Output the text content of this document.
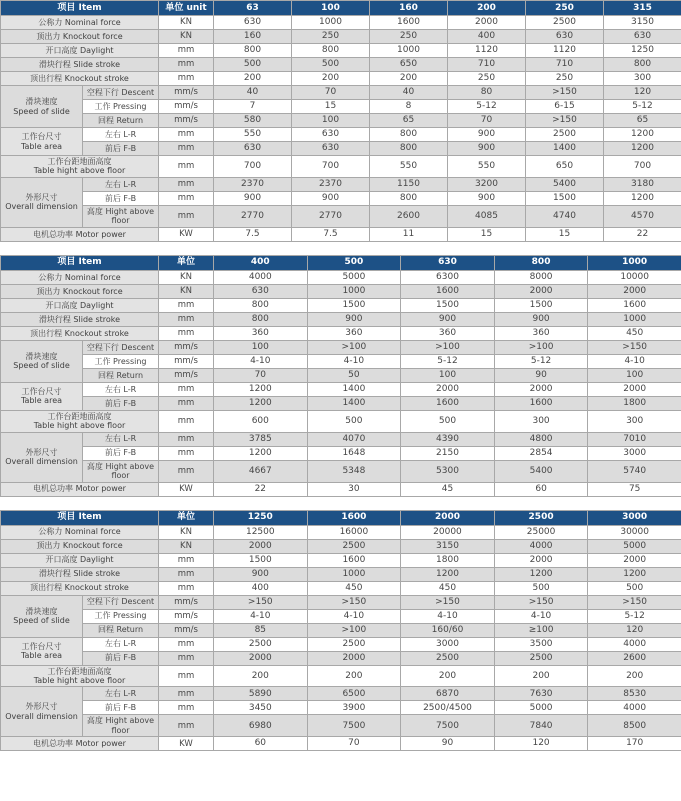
项目 Item		单位 unit	63	100	160	200	250	315
公称力 Nominal force		KN	630	1000	1600	2000	2500	3150
顶出力 Knockout force		KN	160	250	250	400	630	630
开口高度 Daylight		mm	800	800	1000	1120	1120	1250
滑块行程 Slide stroke		mm	500	500	650	710	710	800
顶出行程 Knockout stroke		mm	200	200	200	250	250	300
滑块速度
Speed of slide	空程下行 Descent	mm/s	40	70	40	80	>150	120
	工作 Pressing	mm/s	7	15	8	5-12	6-15	5-12
	回程 Return	mm/s	580	100	65	70	>150	65
工作台尺寸
Table area	左右 L-R	mm	550	630	800	900	2500	1200
	前后 F-B	mm	630	630	800	900	1400	1200
工作台距地面高度
Table hight above floor		mm	700	700	550	550	650	700
外形尺寸
Overall dimension	左右 L-R	mm	2370	2370	1150	3200	5400	3180
	前后 F-B	mm	900	900	800	900	1500	1200
	高度 Hight above floor	mm	2770	2770	2600	4085	4740	4570
电机总功率 Motor power		KW	7.5	7.5	11	15	15	22
项目 Item		单位	400	500	630	800	1000
公称力 Nominal force		KN	4000	5000	6300	8000	10000
顶出力 Knockout force		KN	630	1000	1600	2000	2000
开口高度 Daylight		mm	800	1500	1500	1500	1600
滑块行程 Slide stroke		mm	800	900	900	900	1000
顶出行程 Knockout stroke		mm	360	360	360	360	450
滑块速度
Speed of slide	空程下行 Descent	mm/s	100	>100	>100	>100	>150
	工作 Pressing	mm/s	4-10	4-10	5-12	5-12	4-10
	回程 Return	mm/s	70	50	100	90	100
工作台尺寸
Table area	左右 L-R	mm	1200	1400	2000	2000	2000
	前后 F-B	mm	1200	1400	1600	1600	1800
工作台距地面高度
Table hight above floor		mm	600	500	500	300	300
外形尺寸
Overall dimension	左右 L-R	mm	3785	4070	4390	4800	7010
	前后 F-B	mm	1200	1648	2150	2854	3000
	高度 Hight above floor	mm	4667	5348	5300	5400	5740
电机总功率 Motor power		KW	22	30	45	60	75
项目 Item		单位	1250	1600	2000	2500	3000
公称力 Nominal force		KN	12500	16000	20000	25000	30000
顶出力 Knockout force		KN	2000	2500	3150	4000	5000
开口高度 Daylight		mm	1500	1600	1800	2000	2000
滑块行程 Slide stroke		mm	900	1000	1200	1200	1200
顶出行程 Knockout stroke		mm	400	450	450	500	500
滑块速度
Speed of slide	空程下行 Descent	mm/s	>150	>150	>150	>150	>150
	工作 Pressing	mm/s	4-10	4-10	4-10	4-10	5-12
	回程 Return	mm/s	85	>100	160/60	≥100	120
工作台尺寸
Table area	左右 L-R	mm	2500	2500	3000	3500	4000
	前后 F-B	mm	2000	2000	2500	2500	2600
工作台距地面高度
Table hight above floor		mm	200	200	200	200	200
外形尺寸
Overall dimension	左右 L-R	mm	5890	6500	6870	7630	8530
	前后 F-B	mm	3450	3900	2500/4500	5000	4000
	高度 Hight above floor	mm	6980	7500	7500	7840	8500
电机总功率 Motor power		KW	60	70	90	120	170
